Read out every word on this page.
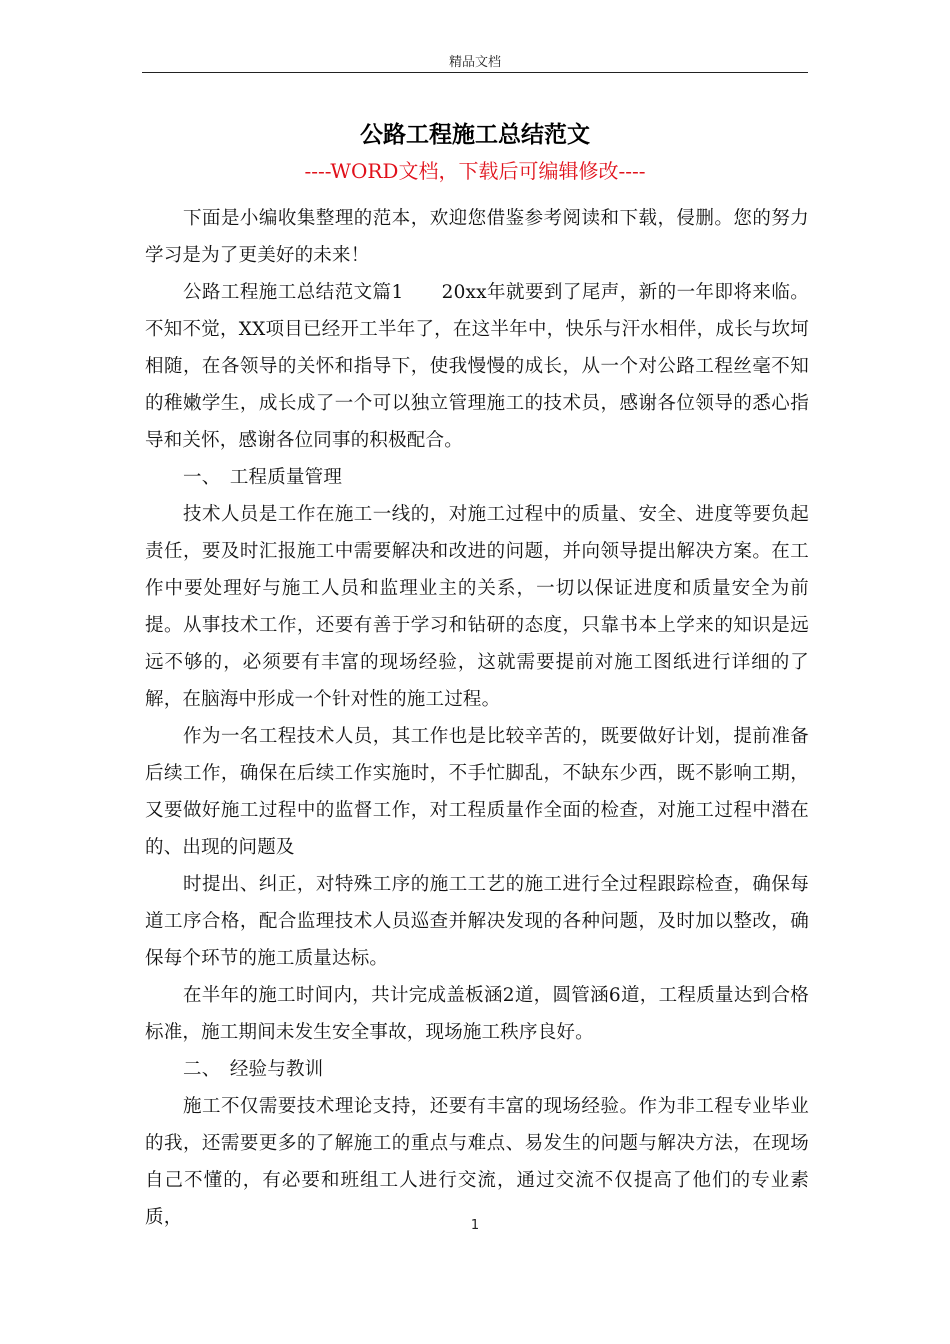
精品文档
公路工程施工总结范文
----WORD文档，下载后可编辑修改----

下面是小编收集整理的范本，欢迎您借鉴参考阅读和下载，侵删。您的努力学习是为了更美好的未来！

公路工程施工总结范文篇1　　20xx年就要到了尾声，新的一年即将来临。不知不觉，XX项目已经开工半年了，在这半年中，快乐与汗水相伴，成长与坎坷相随，在各领导的关怀和指导下，使我慢慢的成长，从一个对公路工程丝毫不知的稚嫩学生，成长成了一个可以独立管理施工的技术员，感谢各位领导的悉心指导和关怀，感谢各位同事的积极配合。

一、　工程质量管理

技术人员是工作在施工一线的，对施工过程中的质量、安全、进度等要负起责任，要及时汇报施工中需要解决和改进的问题，并向领导提出解决方案。在工作中要处理好与施工人员和监理业主的关系，一切以保证进度和质量安全为前提。从事技术工作，还要有善于学习和钻研的态度，只靠书本上学来的知识是远远不够的，必须要有丰富的现场经验，这就需要提前对施工图纸进行详细的了解，在脑海中形成一个针对性的施工过程。

作为一名工程技术人员，其工作也是比较辛苦的，既要做好计划，提前准备后续工作，确保在后续工作实施时，不手忙脚乱，不缺东少西，既不影响工期，又要做好施工过程中的监督工作，对工程质量作全面的检查，对施工过程中潜在的、出现的问题及

时提出、纠正，对特殊工序的施工工艺的施工进行全过程跟踪检查，确保每道工序合格，配合监理技术人员巡查并解决发现的各种问题，及时加以整改，确保每个环节的施工质量达标。

在半年的施工时间内，共计完成盖板涵2道，圆管涵6道，工程质量达到合格标准，施工期间未发生安全事故，现场施工秩序良好。

二、　经验与教训

施工不仅需要技术理论支持，还要有丰富的现场经验。作为非工程专业毕业的我，还需要更多的了解施工的重点与难点、易发生的问题与解决方法，在现场自己不懂的，有必要和班组工人进行交流，通过交流不仅提高了他们的专业素质，	1
